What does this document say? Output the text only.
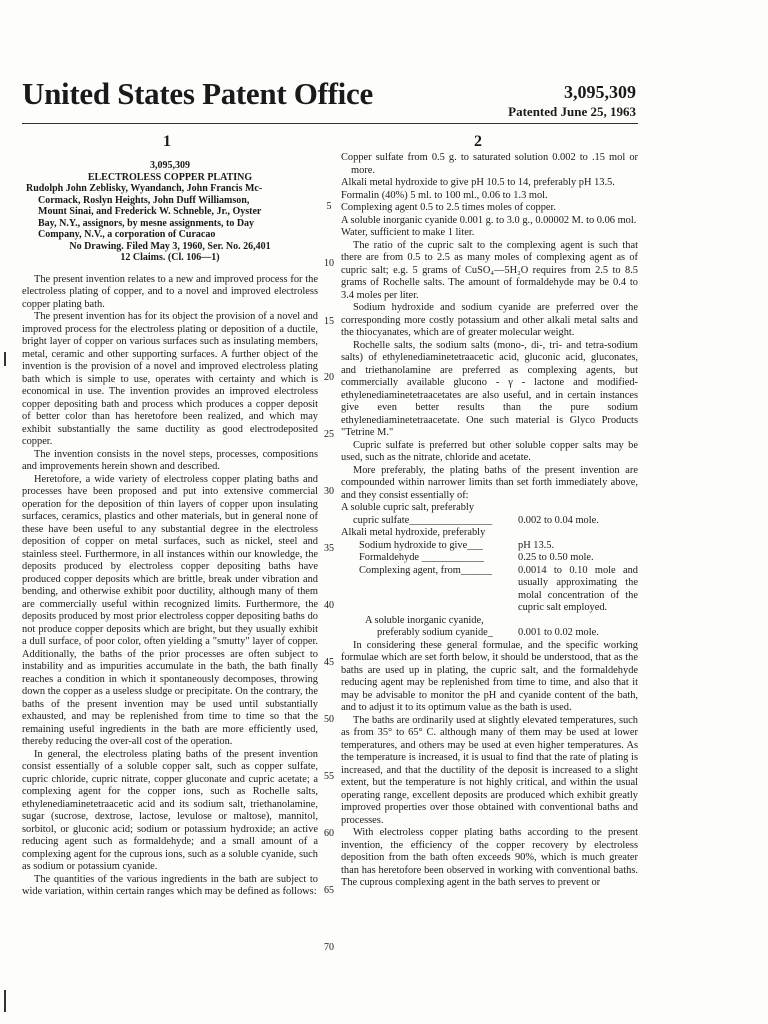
United States Patent Office	3,095,309
Patented June 25, 1963
1	2
5
10
15
20
25
30
35
40
45
50
55
60
65
70
3,095,309
ELECTROLESS COPPER PLATING
Rudolph John Zeblisky, Wyandanch, John Francis Mc-
Cormack, Roslyn Heights, John Duff Williamson,
Mount Sinai, and Frederick W. Schneble, Jr., Oyster
Bay, N.Y., assignors, by mesne assignments, to Day
Company, N.V., a corporation of Curacao
No Drawing. Filed May 3, 1960, Ser. No. 26,401
12 Claims. (Cl. 106—1)

The present invention relates to a new and improved process for the electroless plating of copper, and to a novel and improved electroless copper plating bath.

The present invention has for its object the provision of a novel and improved process for the electroless plating or deposition of a ductile, bright layer of copper on various surfaces such as insulating members, metal, ceramic and other supporting surfaces. A further object of the invention is the provision of a novel and improved electroless plating bath which is simple to use, operates with certainty and which is economical in use. The invention provides an improved electroless copper depositing bath and process which produces a copper deposit of better color than has heretofore been realized, and which may exhibit substantially the same ductility as good electrodeposited copper.

The invention consists in the novel steps, processes, compositions and improvements herein shown and described.

Heretofore, a wide variety of electroless copper plating baths and processes have been proposed and put into extensive commercial operation for the deposition of thin layers of copper upon insulating surfaces, ceramics, plastics and other materials, but in general none of these have been useful to any substantial degree in the electroless deposition of copper on metal surfaces, such as nickel, steel and stainless steel. Furthermore, in all instances within our knowledge, the deposits produced by electroless copper depositing baths have produced copper deposits which are brittle, break under vibration and bending, and otherwise exhibit poor ductility, although many of them are commercially useful within recognized limits. Furthermore, the deposits produced by most prior electroless copper depositing baths do not produce copper deposits which are bright, but they usually exhibit a dull surface, of poor color, often yielding a "smutty" layer of copper. Additionally, the baths of the prior processes are often subject to instability and as impurities accumulate in the bath, the bath finally reaches a condition in which it spontaneously decomposes, throwing down the copper as a useless sludge or precipitate. On the contrary, the baths of the present invention may be used until substantially exhausted, and may be replenished from time to time so that the remaining useful ingredients in the bath are more efficiently used, thereby reducing the over-all cost of the operation.

In general, the electroless plating baths of the present invention consist essentially of a soluble copper salt, such as copper sulfate, cupric chloride, cupric nitrate, copper gluconate and cupric acetate; a complexing agent for the copper ions, such as Rochelle salts, ethylenediaminetetraacetic acid and its sodium salt, triethanolamine, sugar (sucrose, dextrose, lactose, levulose or maltose), mannitol, sorbitol, or gluconic acid; sodium or potassium hydroxide; an active reducing agent such as formaldehyde; and a small amount of a complexing agent for the cuprous ions, such as a soluble cyanide, such as sodium or potassium cyanide.

The quantities of the various ingredients in the bath are subject to wide variation, within certain ranges which may be defined as follows:

Copper sulfate from 0.5 g. to saturated solution 0.002 to .15 mol or more.

Alkali metal hydroxide to give pH 10.5 to 14, preferably pH 13.5.

Formalin (40%) 5 ml. to 100 ml., 0.06 to 1.3 mol.

Complexing agent 0.5 to 2.5 times moles of copper.

A soluble inorganic cyanide 0.001 g. to 3.0 g., 0.00002 M. to 0.06 mol.

Water, sufficient to make 1 liter.

The ratio of the cupric salt to the complexing agent is such that there are from 0.5 to 2.5 as many moles of complexing agent as of cupric salt; e.g. 5 grams of CuSO₄—5H₂O requires from 2.5 to 8.5 grams of Rochelle salts. The amount of formaldehyde may be 0.4 to 3.4 moles per liter.

Sodium hydroxide and sodium cyanide are preferred over the corresponding more costly potassium and other alkali metal salts and the thiocyanates, which are of greater molecular weight.

Rochelle salts, the sodium salts (mono-, di-, tri- and tetra-sodium salts) of ethylenediaminetetraacetic acid, gluconic acid, gluconates, and triethanolamine are preferred as complexing agents, but commercially available glucono - γ - lactone and modified-ethylenediaminetetraacetates are also useful, and in certain instances give even better results than the pure sodium ethylenediaminetetraacetate. One such material is Glyco Products "Tetrine M."

Cupric sulfate is preferred but other soluble copper salts may be used, such as the nitrate, chloride and acetate.

More preferably, the plating baths of the present invention are compounded within narrower limits than set forth immediately above, and they consist essentially of:

A soluble cupric salt, preferably
cupric sulfate________________	0.002 to 0.04 mole.

Alkali metal hydroxide, preferably
Sodium hydroxide to give___	pH 13.5.
Formaldehyde ____________	0.25 to 0.50 mole.
Complexing agent, from______	0.0014 to 0.10 mole and usually approximating the molal concentration of the cupric salt employed.

A soluble inorganic cyanide,
preferably sodium cyanide_	0.001 to 0.02 mole.

In considering these general formulae, and the specific working formulae which are set forth below, it should be understood, that as the baths are used up in plating, the cupric salt, and the formaldehyde reducing agent may be replenished from time to time, and also that it may be advisable to monitor the pH and cyanide content of the bath, and to adjust it to its optimum value as the bath is used.

The baths are ordinarily used at slightly elevated temperatures, such as from 35° to 65° C. although many of them may be used at lower temperatures, and others may be used at even higher temperatures. As the temperature is increased, it is usual to find that the rate of plating is increased, and that the ductility of the deposit is increased to a slight extent, but the temperature is not highly critical, and within the usual operating range, excellent deposits are produced which exhibit greatly improved properties over those obtained with conventional baths and processes.

With electroless copper plating baths according to the present invention, the efficiency of the copper recovery by electroless deposition from the bath often exceeds 90%, which is much greater than has heretofore been observed in working with conventional baths. The cuprous complexing agent in the bath serves to prevent or
